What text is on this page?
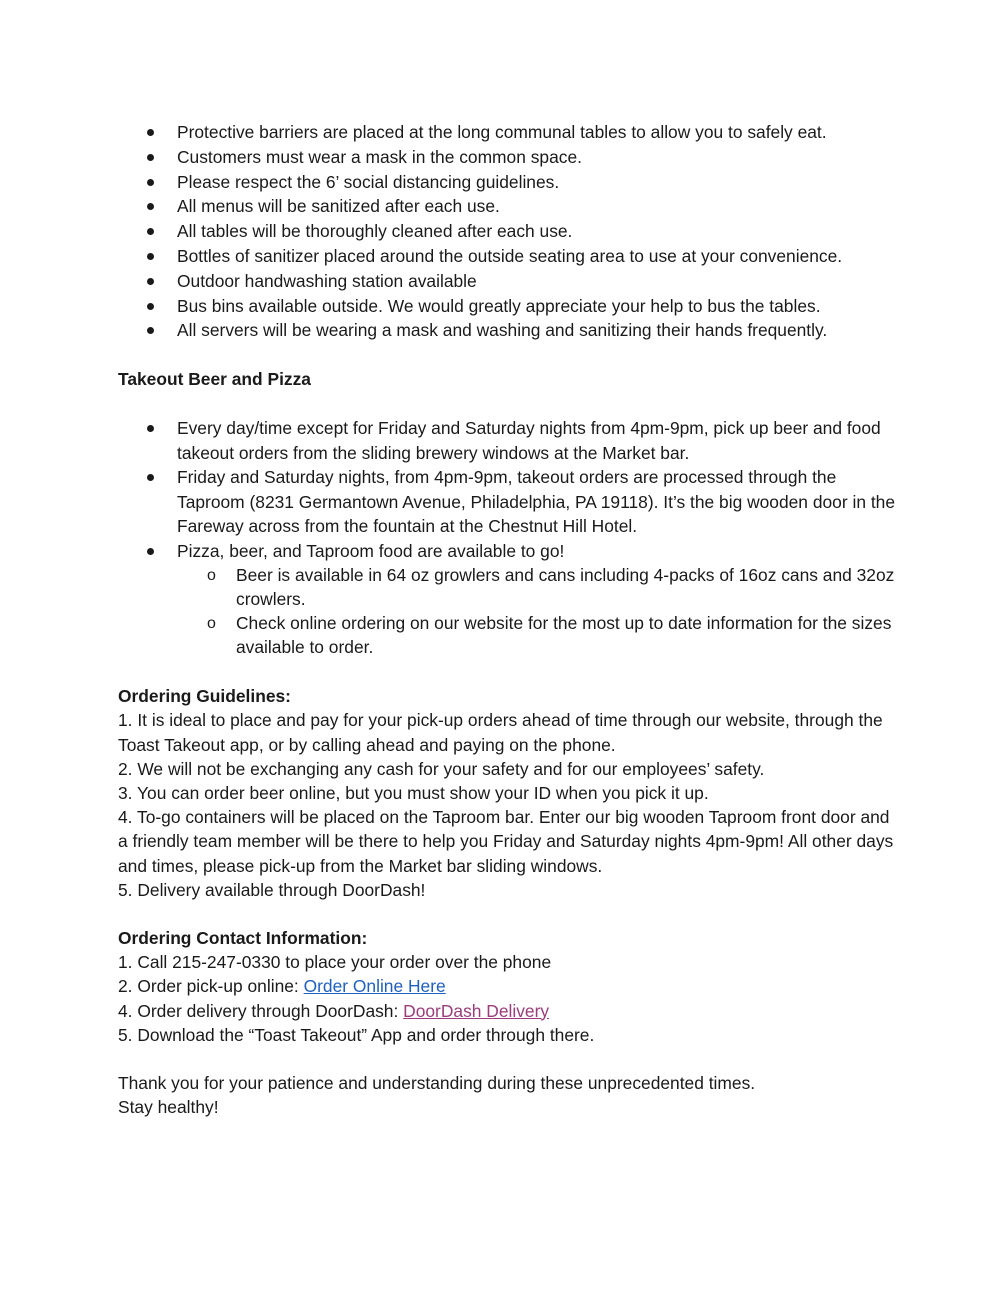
Protective barriers are placed at the long communal tables to allow you to safely eat.
Customers must wear a mask in the common space.
Please respect the 6’ social distancing guidelines.
All menus will be sanitized after each use.
All tables will be thoroughly cleaned after each use.
Bottles of sanitizer placed around the outside seating area to use at your convenience.
Outdoor handwashing station available
Bus bins available outside. We would greatly appreciate your help to bus the tables.
All servers will be wearing a mask and washing and sanitizing their hands frequently.
Takeout Beer and Pizza
Every day/time except for Friday and Saturday nights from 4pm-9pm, pick up beer and food takeout orders from the sliding brewery windows at the Market bar.
Friday and Saturday nights, from 4pm-9pm, takeout orders are processed through the Taproom (8231 Germantown Avenue, Philadelphia, PA 19118). It’s the big wooden door in the Fareway across from the fountain at the Chestnut Hill Hotel.
Pizza, beer, and Taproom food are available to go!
o Beer is available in 64 oz growlers and cans including 4-packs of 16oz cans and 32oz crowlers.
o Check online ordering on our website for the most up to date information for the sizes available to order.
Ordering Guidelines:

1. It is ideal to place and pay for your pick-up orders ahead of time through our website, through the Toast Takeout app, or by calling ahead and paying on the phone.

2. We will not be exchanging any cash for your safety and for our employees’ safety.

3. You can order beer online, but you must show your ID when you pick it up.

4. To-go containers will be placed on the Taproom bar. Enter our big wooden Taproom front door and a friendly team member will be there to help you Friday and Saturday nights 4pm-9pm! All other days and times, please pick-up from the Market bar sliding windows.

5. Delivery available through DoorDash!

Ordering Contact Information:

1. Call 215-247-0330 to place your order over the phone

2. Order pick-up online: Order Online Here

4. Order delivery through DoorDash: DoorDash Delivery

5. Download the “Toast Takeout” App and order through there.

Thank you for your patience and understanding during these unprecedented times.

Stay healthy!
